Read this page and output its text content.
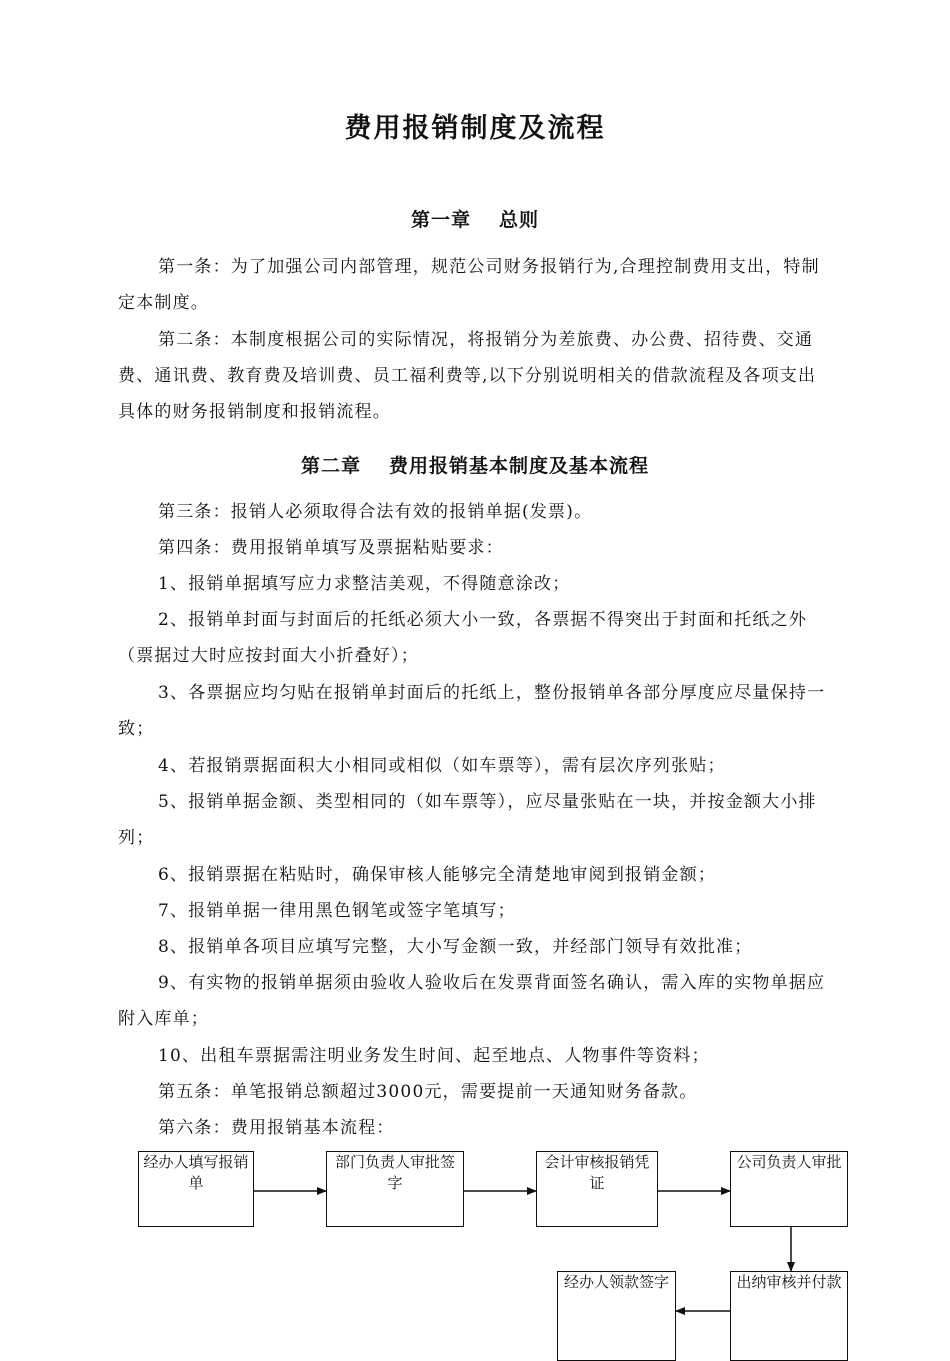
费用报销制度及流程
第一章 总则
第一条：为了加强公司内部管理，规范公司财务报销行为,合理控制费用支出，特制定本制度。
第二条：本制度根据公司的实际情况，将报销分为差旅费、办公费、招待费、交通费、通讯费、教育费及培训费、员工福利费等,以下分别说明相关的借款流程及各项支出具体的财务报销制度和报销流程。
第二章 费用报销基本制度及基本流程
第三条：报销人必须取得合法有效的报销单据(发票)。
第四条：费用报销单填写及票据粘贴要求：
1、报销单据填写应力求整洁美观，不得随意涂改；
2、报销单封面与封面后的托纸必须大小一致，各票据不得突出于封面和托纸之外（票据过大时应按封面大小折叠好）；
3、各票据应均匀贴在报销单封面后的托纸上，整份报销单各部分厚度应尽量保持一致；
4、若报销票据面积大小相同或相似（如车票等），需有层次序列张贴；
5、报销单据金额、类型相同的（如车票等），应尽量张贴在一块，并按金额大小排列；
6、报销票据在粘贴时，确保审核人能够完全清楚地审阅到报销金额；
7、报销单据一律用黑色钢笔或签字笔填写；
8、报销单各项目应填写完整，大小写金额一致，并经部门领导有效批准；
9、有实物的报销单据须由验收人验收后在发票背面签名确认，需入库的实物单据应附入库单；
10、出租车票据需注明业务发生时间、起至地点、人物事件等资料；
第五条：单笔报销总额超过3000元，需要提前一天通知财务备款。
第六条：费用报销基本流程：
经办人填写报销单
部门负责人审批签字
会计审核报销凭证
公司负责人审批
出纳审核并付款
经办人领款签字
